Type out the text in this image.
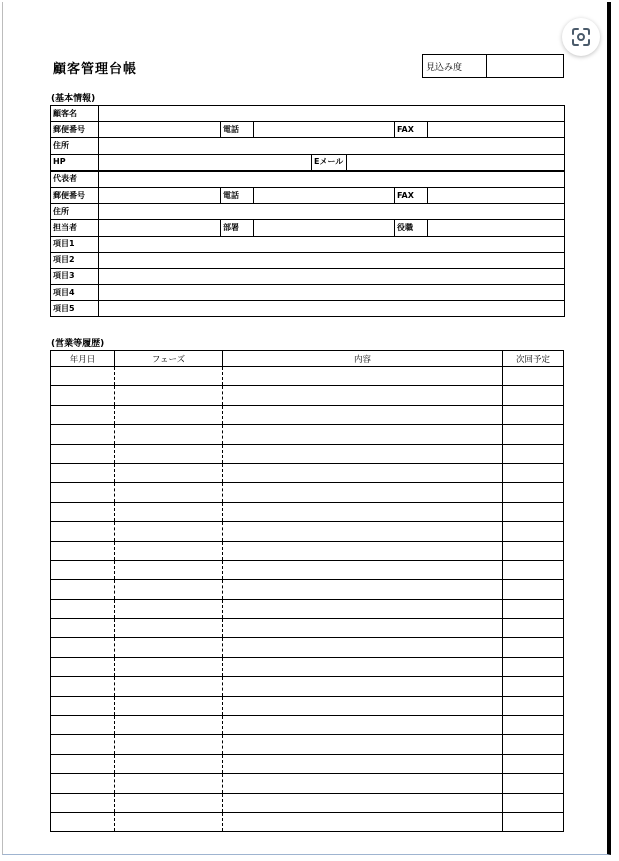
顧客管理台帳	見込み度
(基本情報)
顧客名							
郵便番号		電話				FAX	
住所							
HP				Eメール			
代表者							
郵便番号		電話				FAX	
住所							
担当者		部署				役職	
項目1							
項目2							
項目3							
項目4							
項目5							
(営業等履歴)
年月日	フェーズ	内容	次回予定
